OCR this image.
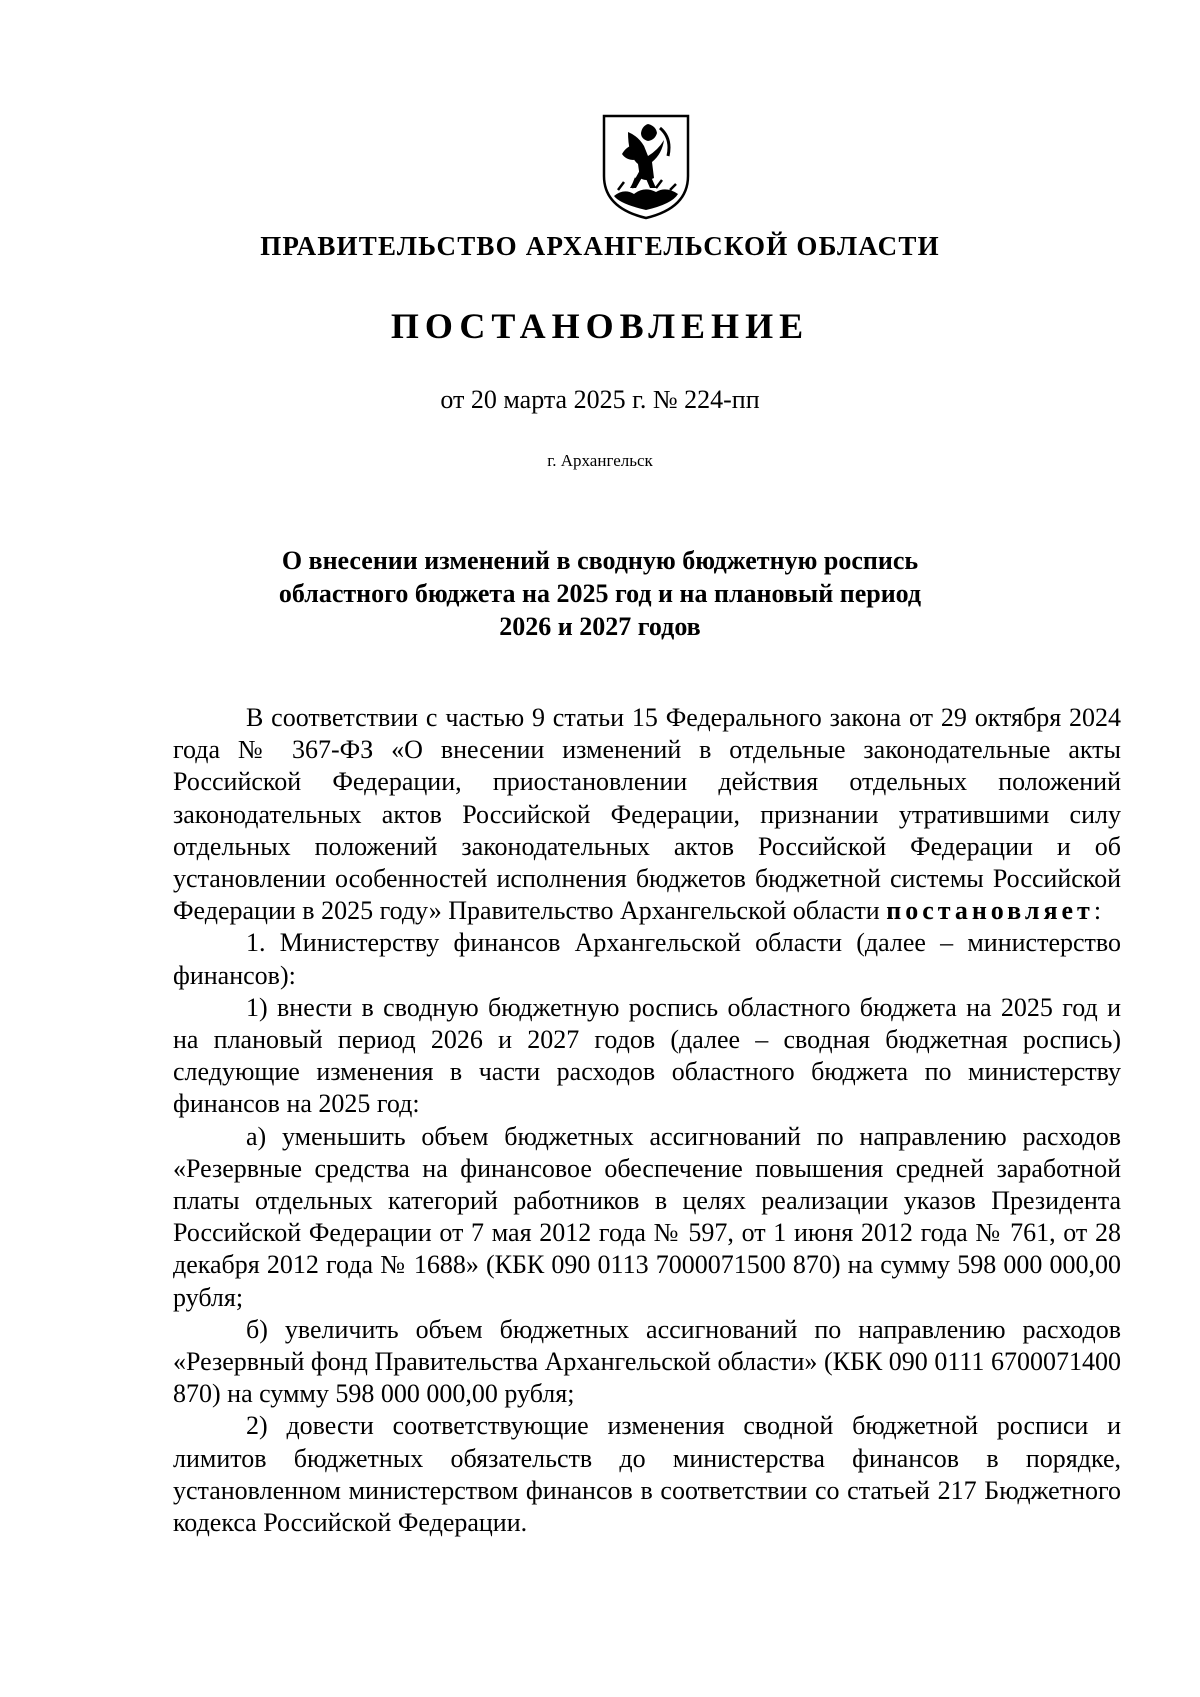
ПРАВИТЕЛЬСТВО АРХАНГЕЛЬСКОЙ ОБЛАСТИ
ПОСТАНОВЛЕНИЕ
от 20 марта 2025 г. № 224-пп
г. Архангельск
О внесении изменений в сводную бюджетную роспись
областного бюджета на 2025 год и на плановый период
2026 и 2027 годов

В соответствии с частью 9 статьи 15 Федерального закона от 29 октября 2024 года № 367-ФЗ «О внесении изменений в отдельные законодательные акты Российской Федерации, приостановлении действия отдельных положений законодательных актов Российской Федерации, признании утратившими силу отдельных положений законодательных актов Российской Федерации и об установлении особенностей исполнения бюджетов бюджетной системы Российской Федерации в 2025 году» Правительство Архангельской области постановляет:

1. Министерству финансов Архангельской области (далее – министерство финансов):

1) внести в сводную бюджетную роспись областного бюджета на 2025 год и на плановый период 2026 и 2027 годов (далее – сводная бюджетная роспись) следующие изменения в части расходов областного бюджета по министерству финансов на 2025 год:

а) уменьшить объем бюджетных ассигнований по направлению расходов «Резервные средства на финансовое обеспечение повышения средней заработной платы отдельных категорий работников в целях реализации указов Президента Российской Федерации от 7 мая 2012 года № 597, от 1 июня 2012 года № 761, от 28 декабря 2012 года № 1688» (КБК 090 0113 7000071500 870) на сумму 598 000 000,00 рубля;

б) увеличить объем бюджетных ассигнований по направлению расходов «Резервный фонд Правительства Архангельской области» (КБК 090 0111 6700071400 870) на сумму 598 000 000,00 рубля;

2) довести соответствующие изменения сводной бюджетной росписи и лимитов бюджетных обязательств до министерства финансов в порядке, установленном министерством финансов в соответствии со статьей 217 Бюджетного кодекса Российской Федерации.
